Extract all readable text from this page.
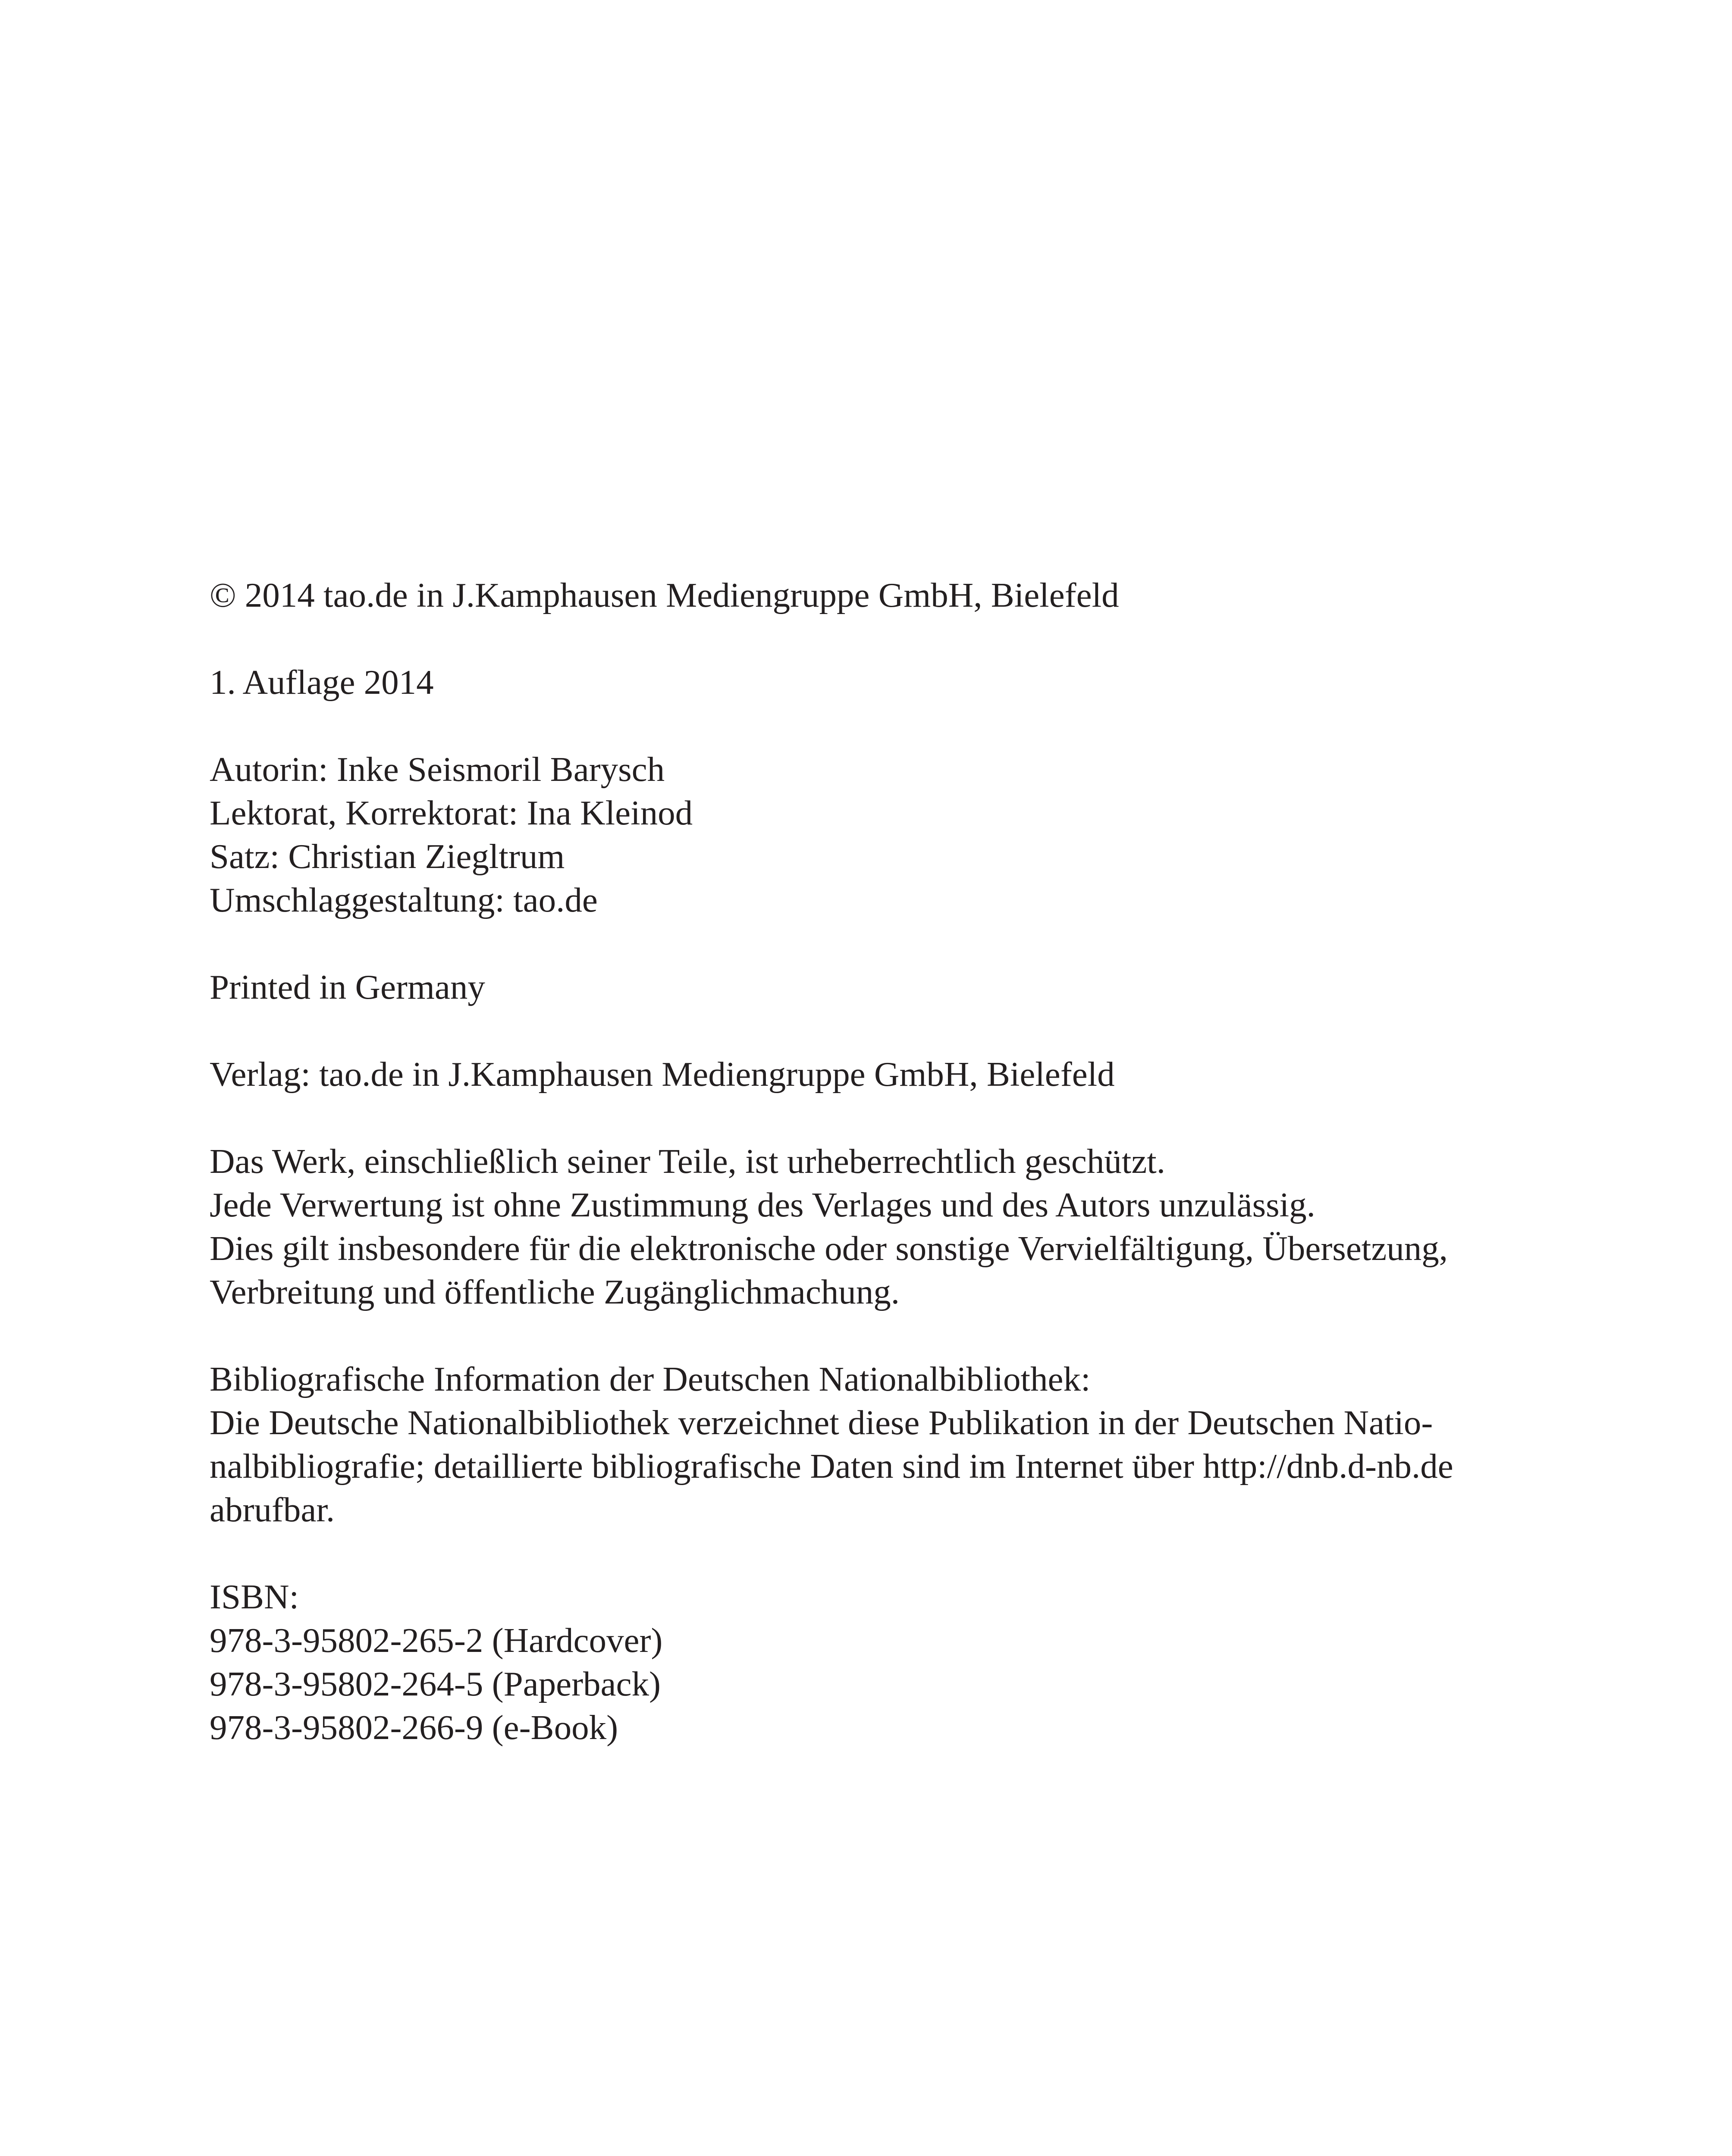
© 2014 tao.de in J.Kamphausen Mediengruppe GmbH, Bielefeld
1. Auflage 2014
Autorin: Inke Seismoril Barysch
Lektorat, Korrektorat: Ina Kleinod
Satz: Christian Ziegltrum
Umschlaggestaltung: tao.de
Printed in Germany
Verlag: tao.de in J.Kamphausen Mediengruppe GmbH, Bielefeld
Das Werk, einschließlich seiner Teile, ist urheberrechtlich geschützt.
Jede Verwertung ist ohne Zustimmung des Verlages und des Autors unzulässig.
Dies gilt insbesondere für die elektronische oder sonstige Vervielfältigung, Übersetzung,
Verbreitung und öffentliche Zugänglichmachung.
Bibliografische Information der Deutschen Nationalbibliothek:
Die Deutsche Nationalbibliothek verzeichnet diese Publikation in der Deutschen Natio-
nalbibliografie; detaillierte bibliografische Daten sind im Internet über http://dnb.d-nb.de
abrufbar.
ISBN:
978-3-95802-265-2 (Hardcover)
978-3-95802-264-5 (Paperback)
978-3-95802-266-9 (e-Book)
